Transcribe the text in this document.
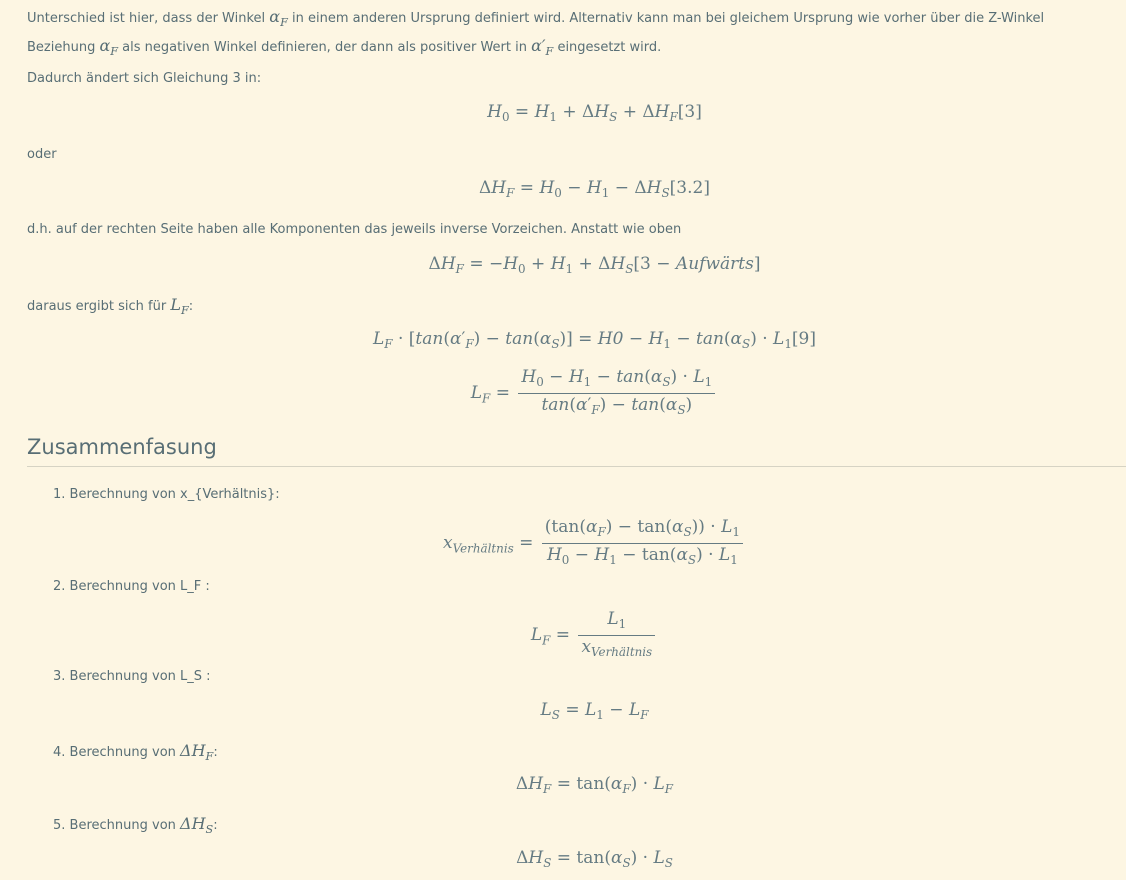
Unterschied ist hier, dass der Winkel $\alpha_F$ in einem anderen Ursprung definiert wird. Alternativ kann man bei gleichem Ursprung wie vorher über die Z-Winkel Beziehung $\alpha_F$ als negativen Winkel definieren, der dann als positiver Wert in $\alpha'_F$ eingesetzt wird.
Dadurch ändert sich Gleichung 3 in:
$H_0 = H_1 + \Delta H_S + \Delta H_F[3]$
oder
$\Delta H_F = H_0 - H_1 - \Delta H_S[3.2]$
d.h. auf der rechten Seite haben alle Komponenten das jeweils inverse Vorzeichen. Anstatt wie oben
$\Delta H_F = -H_0 + H_1 + \Delta H_S[3$ − Aufwärts]
daraus ergibt sich für $L_F$:
$L_F \cdot [\tan(\alpha'_F) - \tan(\alpha_S)] = H0 - H_1 - \tan(\alpha_S) \cdot L_1[9]$
$L_F = \frac{H_0 - H_1 - \tan(\alpha_S) \cdot L_1}{\tan(\alpha'_F) - \tan(\alpha_S)}$
Zusammenfasung
1. Berechnung von x_{Verhältnis}:
$x_{Verhältnis} = \frac{(\tan(\alpha_F) - \tan(\alpha_S)) \cdot L_1}{H_0 - H_1 - \tan(\alpha_S) \cdot L_1}$
2. Berechnung von L_F :
$L_F = \frac{L_1}{x_{Verhältnis}}$
3. Berechnung von L_S :
$L_S = L_1 - L_F$
4. Berechnung von $\Delta H_F$:
$\Delta H_F = \tan(\alpha_F) \cdot L_F$
5. Berechnung von $\Delta H_S$:
$\Delta H_S = \tan(\alpha_S) \cdot L_S$
